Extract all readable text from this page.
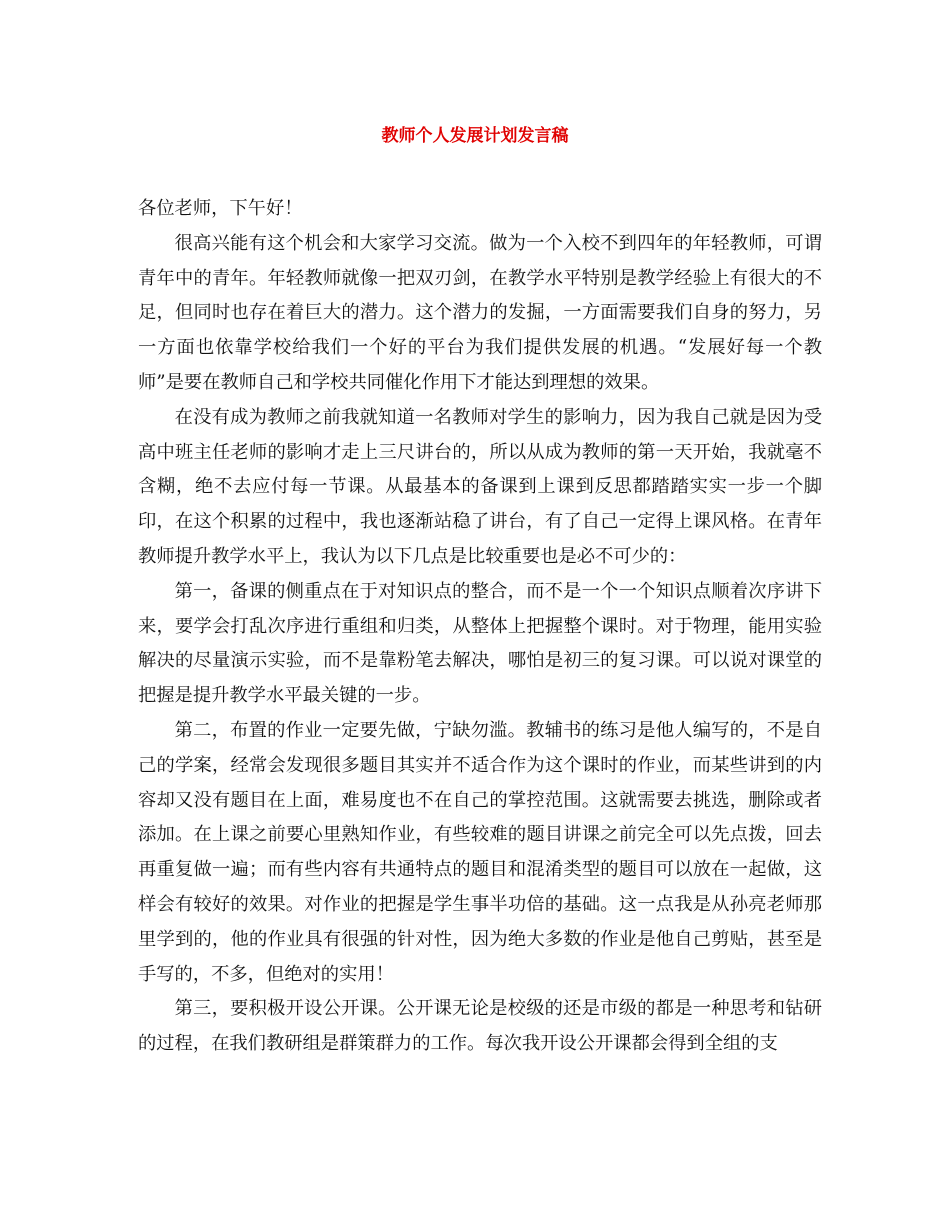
教师个人发展计划发言稿

各位老师，下午好！

很高兴能有这个机会和大家学习交流。做为一个入校不到四年的年轻教师，可谓青年中的青年。年轻教师就像一把双刃剑，在教学水平特别是教学经验上有很大的不足，但同时也存在着巨大的潜力。这个潜力的发掘，一方面需要我们自身的努力，另一方面也依靠学校给我们一个好的平台为我们提供发展的机遇。“发展好每一个教师”是要在教师自己和学校共同催化作用下才能达到理想的效果。

在没有成为教师之前我就知道一名教师对学生的影响力，因为我自己就是因为受高中班主任老师的影响才走上三尺讲台的，所以从成为教师的第一天开始，我就毫不含糊，绝不去应付每一节课。从最基本的备课到上课到反思都踏踏实实一步一个脚印，在这个积累的过程中，我也逐渐站稳了讲台，有了自己一定得上课风格。在青年教师提升教学水平上，我认为以下几点是比较重要也是必不可少的：

第一，备课的侧重点在于对知识点的整合，而不是一个一个知识点顺着次序讲下来，要学会打乱次序进行重组和归类，从整体上把握整个课时。对于物理，能用实验解决的尽量演示实验，而不是靠粉笔去解决，哪怕是初三的复习课。可以说对课堂的把握是提升教学水平最关键的一步。

第二，布置的作业一定要先做，宁缺勿滥。教辅书的练习是他人编写的，不是自己的学案，经常会发现很多题目其实并不适合作为这个课时的作业，而某些讲到的内容却又没有题目在上面，难易度也不在自己的掌控范围。这就需要去挑选，删除或者添加。在上课之前要心里熟知作业，有些较难的题目讲课之前完全可以先点拨，回去再重复做一遍；而有些内容有共通特点的题目和混淆类型的题目可以放在一起做，这样会有较好的效果。对作业的把握是学生事半功倍的基础。这一点我是从孙亮老师那里学到的，他的作业具有很强的针对性，因为绝大多数的作业是他自己剪贴，甚至是手写的，不多，但绝对的实用！

第三，要积极开设公开课。公开课无论是校级的还是市级的都是一种思考和钻研的过程，在我们教研组是群策群力的工作。每次我开设公开课都会得到全组的支
